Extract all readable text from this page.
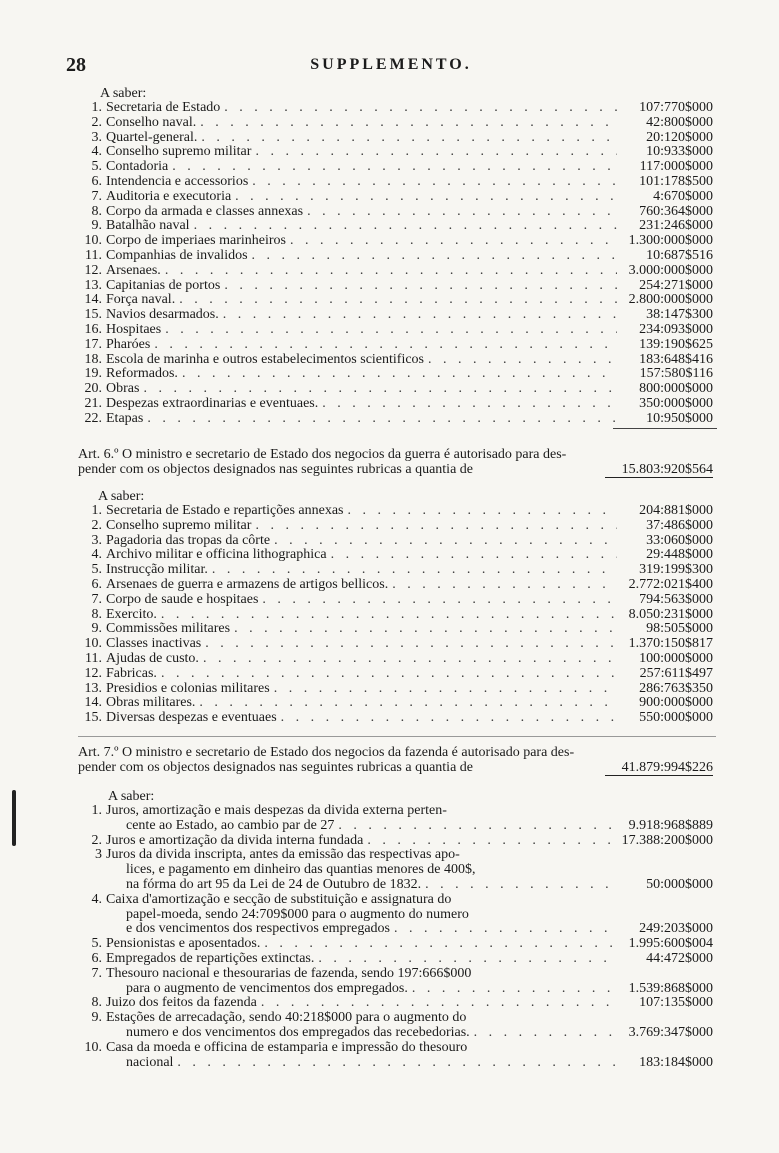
28	SUPPLEMENTO.
A saber:
1. Secretaria de Estado . . .	107:770$000
2. Conselho naval. . . .	42:800$000
3. Quartel-general. . . .	20:120$000
4. Conselho supremo militar . . .	10:933$000
5. Contadoria . . .	117:000$000
6. Intendencia e accessorios . . .	101:178$500
7. Auditoria e executoria . . .	4:670$000
8. Corpo da armada e classes annexas . . .	760:364$000
9. Batalhão naval . . .	231:246$000
10. Corpo de imperiaes marinheiros . . .	1.300:000$000
11. Companhias de invalidos . . .	10:687$516
12. Arsenaes. . . .	3.000:000$000
13. Capitanias de portos . . .	254:271$000
14. Força naval. . . .	2.800:000$000
15. Navios desarmados. . . .	38:147$300
16. Hospitaes . . .	234:093$000
17. Pharóes . . .	139:190$625
18. Escola de marinha e outros estabelecimentos scientificos . . .	183:648$416
19. Reformados. . . .	157:580$116
20. Obras . . .	800:000$000
21. Despezas extraordinarias e eventuaes. . . .	350:000$000
22. Etapas . . .	10:950$000
Art. 6.º O ministro e secretario de Estado dos negocios da guerra é autorisado para des-
pender com os objectos designados nas seguintes rubricas a quantia de	15.803:920$564
A saber:
1. Secretaria de Estado e repartições annexas . . .	204:881$000
2. Conselho supremo militar . . .	37:486$000
3. Pagadoria das tropas da côrte . . .	33:060$000
4. Archivo militar e officina lithographica . . .	29:448$000
5. Instrucção militar. . . .	319:199$300
6. Arsenaes de guerra e armazens de artigos bellicos. . . .	2.772:021$400
7. Corpo de saude e hospitaes . . .	794:563$000
8. Exercito. . . .	8.050:231$000
9. Commissões militares . . .	98:505$000
10. Classes inactivas . . .	1.370:150$817
11. Ajudas de custo. . . .	100:000$000
12. Fabricas. . . .	257:611$497
13. Presidios e colonias militares . . .	286:763$350
14. Obras militares. . . .	900:000$000
15. Diversas despezas e eventuaes . . .	550:000$000
Art. 7.º O ministro e secretario de Estado dos negocios da fazenda é autorisado para des-
pender com os objectos designados nas seguintes rubricas a quantia de	41.879:994$226
A saber:
1. Juros, amortização e mais despezas da divida externa perten-
cente ao Estado, ao cambio par de 27 . . .	9.918:968$889
2. Juros e amortização da divida interna fundada . . .	17.388:200$000
3 Juros da divida inscripta, antes da emissão das respectivas apo-
lices, e pagamento em dinheiro das quantias menores de 400$,
na fórma do art 95 da Lei de 24 de Outubro de 1832. . . .	50:000$000
4. Caixa d'amortização e secção de substituição e assignatura do
papel-moeda, sendo 24:709$000 para o augmento do numero
e dos vencimentos dos respectivos empregados . . .	249:203$000
5. Pensionistas e aposentados. . . .	1.995:600$004
6. Empregados de repartições extinctas. . . .	44:472$000
7. Thesouro nacional e thesourarias de fazenda, sendo 197:666$000
para o augmento de vencimentos dos empregados. . . .	1.539:868$000
8. Juizo dos feitos da fazenda . . .	107:135$000
9. Estações de arrecadação, sendo 40:218$000 para o augmento do
numero e dos vencimentos dos empregados das recebedorias. . . .	3.769:347$000
10. Casa da moeda e officina de estamparia e impressão do thesouro
nacional . . .	183:184$000
